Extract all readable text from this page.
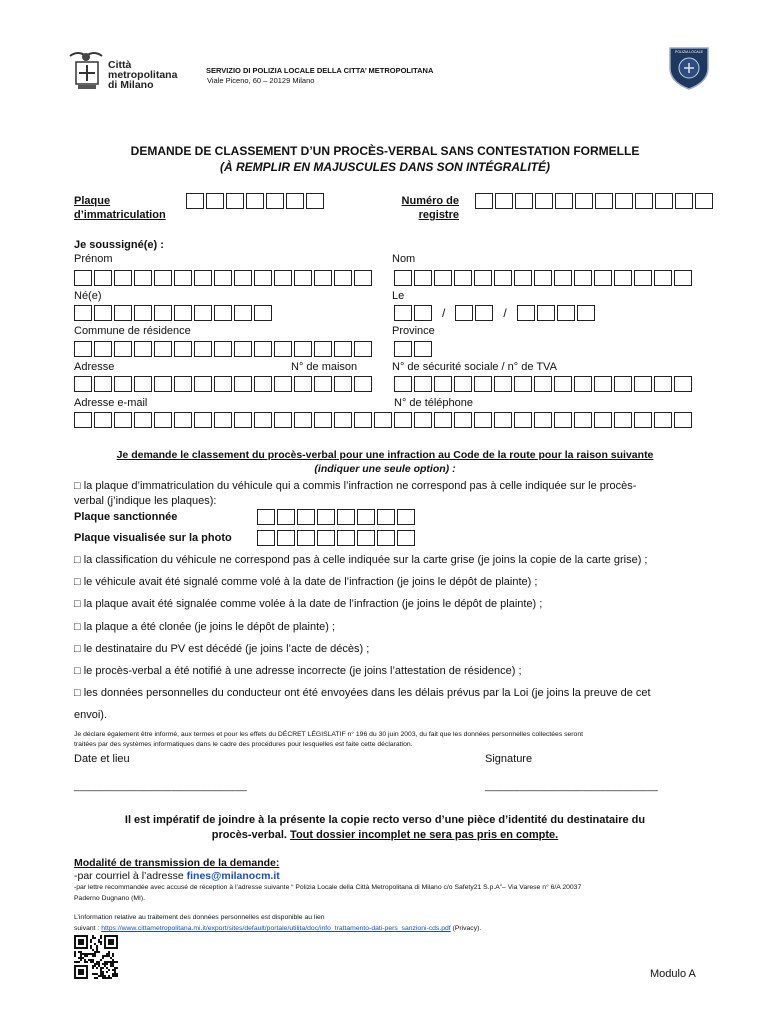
Città
metropolitana
di Milano
SERVIZIO DI POLIZIA LOCALE DELLA CITTA’ METROPOLITANA
Viale Piceno, 60 – 20129 Milano
POLIZIA LOCALE
DEMANDE DE CLASSEMENT D’UN PROCÈS-VERBAL SANS CONTESTATION FORMELLE
(À REMPLIR EN MAJUSCULES DANS SON INTÉGRALITÉ)
Plaque
d’immatriculation
Numéro de
registre
Je soussigné(e) :
Prénom	Nom
Né(e)	Le
/	/
Commune de résidence	Province
Adresse	N° de maison	N° de sécurité sociale / n° de TVA
Adresse e-mail	N° de téléphone
Je demande le classement du procès-verbal pour une infraction au Code de la route pour la raison suivante
(indiquer une seule option) :
□ la plaque d’immatriculation du véhicule qui a commis l’infraction ne correspond pas à celle indiquée sur le procès-
verbal (j’indique les plaques):
Plaque sanctionnée
Plaque visualisée sur la photo
□ la classification du véhicule ne correspond pas à celle indiquée sur la carte grise (je joins la copie de la carte grise) ;
□ le véhicule avait été signalé comme volé à la date de l’infraction (je joins le dépôt de plainte) ;
□ la plaque avait été signalée comme volée à la date de l’infraction (je joins le dépôt de plainte) ;
□ la plaque a été clonée (je joins le dépôt de plainte) ;
□ le destinataire du PV est décédé (je joins l’acte de décès) ;
□ le procès-verbal a été notifié à une adresse incorrecte (je joins l’attestation de résidence) ;
□ les données personnelles du conducteur ont été envoyées dans les délais prévus par la Loi (je joins la preuve de cet
envoi).
Je déclare également être informé, aux termes et pour les effets du DÉCRET LÉGISLATIF n° 196 du 30 juin 2003, du fait que les données personnelles collectées seront
traitées par des systèmes informatiques dans le cadre des procédures pour lesquelles est faite cette déclaration.
Date et lieu	Signature
______________________________	______________________________
Il est impératif de joindre à la présente la copie recto verso d’une pièce d’identité du destinataire du
procès-verbal. Tout dossier incomplet ne sera pas pris en compte.
Modalité de transmission de la demande:
-par courriel à l’adresse fines@milanocm.it
-par lettre recommandée avec accusé de réception à l’adresse suivante “ Polizia Locale della Città Metropolitana di Milano c/o Safety21 S.p.A”– Via Varese n° 6/A 20037
Paderno Dugnano (MI).
L’information relative au traitement des données personnelles est disponible au lien
suivant : https://www.cittametropolitana.mi.it/export/sites/default/portale/utilita/doc/info_trattamento-dati-pers_sanzioni-cds.pdf (Privacy).
Modulo A
